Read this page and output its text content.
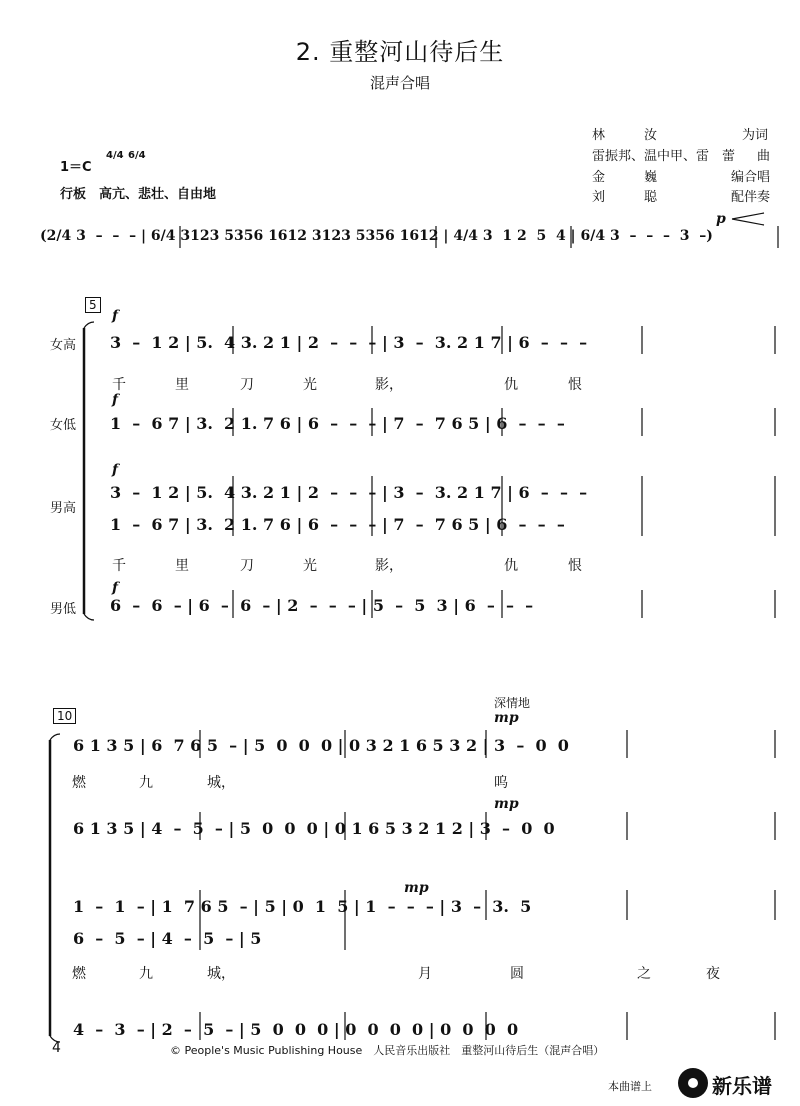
2. 重整河山待后生
混声合唱
林　　　汝	为词
雷振邦、温中甲、雷　蕾 曲
金　　　巍	编合唱
刘　　　聪	配伴奏
1＝C
4/4 6/4
行板　高亢、悲壮、自由地
(2/4 3  –  –  – | 6/4 3123 5356 1612 3123 5356 1612 | 4/4 3  1 2  5  4 | 6/4 3  –  –  –  3  –)
5
女高
女低
男高
男低
f
f
f
f
p
3  –  1 2 | 5.  4 3. 2 1 | 2  –  –  – | 3  –  3. 2 1 7 | 6  –  –  –
1  –  6 7 | 3.  2 1. 7 6 | 6  –  –  – | 7  –  7 6 5 | 6  –  –  –
3  –  1 2 | 5.  4 3. 2 1 | 2  –  –  – | 3  –  3. 2 1 7 | 6  –  –  –
1  –  6 7 | 3.  2 1. 7 6 | 6  –  –  – | 7  –  7 6 5 | 6  –  –  –
6  –  6  – | 6  –  6  – | 2  –  –  – | 5  –  5  3 | 6  –  –  –
千	里	刀	光	影，	仇	恨
千	里	刀	光	影，	仇	恨
10
深情地
mp
mp
mp
6 1 3 5 | 6  7 6 5  – | 5  0  0  0 | 0 3 2 1 6 5 3 2 | 3  –  0  0
6 1 3 5 | 4  –  5  – | 5  0  0  0 | 0 1 6 5 3 2 1 2 | 3  –  0  0
1  –  1  – | 1  7 6 5  – | 5 | 0  1  5 | 1  –  –  – | 3  –  3.  5
6  –  5  – | 4  –  5  – | 5
4  –  3  – | 2  –  5  – | 5  0  0  0 | 0  0  0  0 | 0  0  0  0
燃	九	城，	呜
燃	九	城，	月	圆	之	夜
4	© People's Music Publishing House　人民音乐出版社　重整河山待后生（混声合唱）
本曲谱上

	新乐谱
